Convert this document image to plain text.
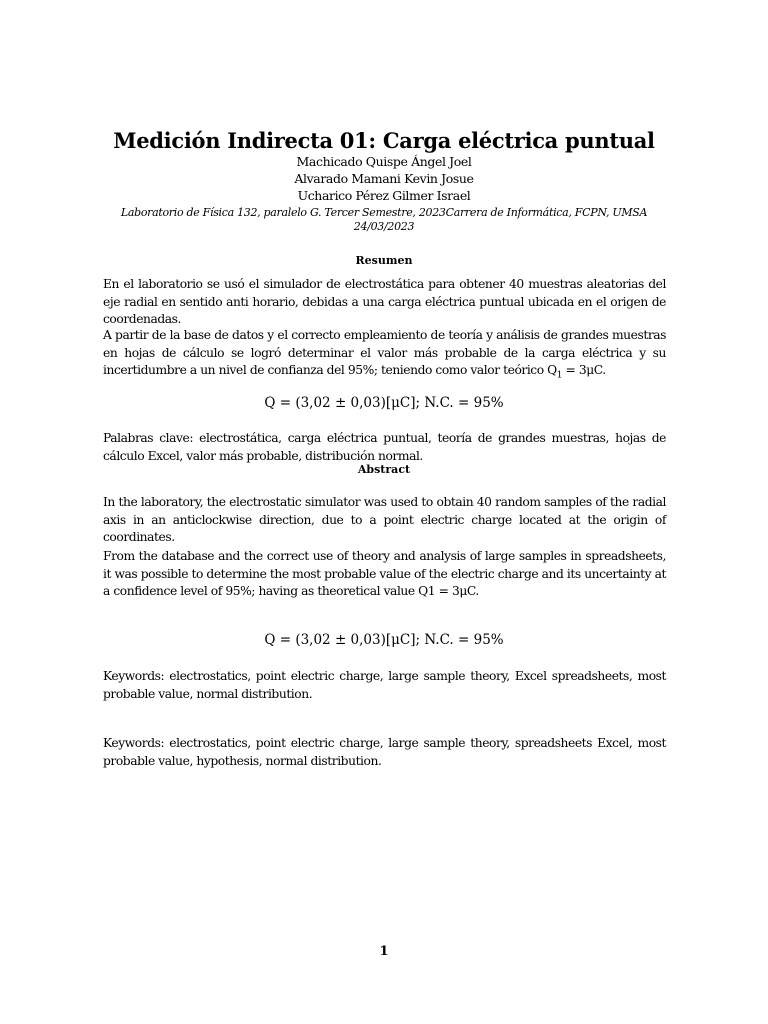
Medición Indirecta 01: Carga eléctrica puntual
Machicado Quispe Ángel Joel
Alvarado Mamani Kevin Josue
Ucharico Pérez Gilmer Israel
Laboratorio de Física 132, paralelo G. Tercer Semestre, 2023Carrera de Informática, FCPN, UMSA
24/03/2023
Resumen
En el laboratorio se usó el simulador de electrostática para obtener 40 muestras aleatorias del eje radial en sentido anti horario, debidas a una carga eléctrica puntual ubicada en el origen de coordenadas.
A partir de la base de datos y el correcto empleamiento de teoría y análisis de grandes muestras en hojas de cálculo se logró determinar el valor más probable de la carga eléctrica y su incertidumbre a un nivel de confianza del 95%; teniendo como valor teórico $Q_1 = 3\mu C$.
Q = (3,02 ± 0,03)[μC]; N.C. = 95%
Palabras clave: electrostática, carga eléctrica puntual, teoría de grandes muestras, hojas de cálculo Excel, valor más probable, distribución normal.
Abstract
In the laboratory, the electrostatic simulator was used to obtain 40 random samples of the radial axis in an anticlockwise direction, due to a point electric charge located at the origin of coordinates.
From the database and the correct use of theory and analysis of large samples in spreadsheets, it was possible to determine the most probable value of the electric charge and its uncertainty at a confidence level of 95%; having as theoretical value Q1 = 3μC.
Q = (3,02 ± 0,03)[μC]; N.C. = 95%
Keywords: electrostatics, point electric charge, large sample theory, Excel spreadsheets, most probable value, normal distribution.
Keywords: electrostatics, point electric charge, large sample theory, spreadsheets Excel, most probable value, hypothesis, normal distribution.
1
